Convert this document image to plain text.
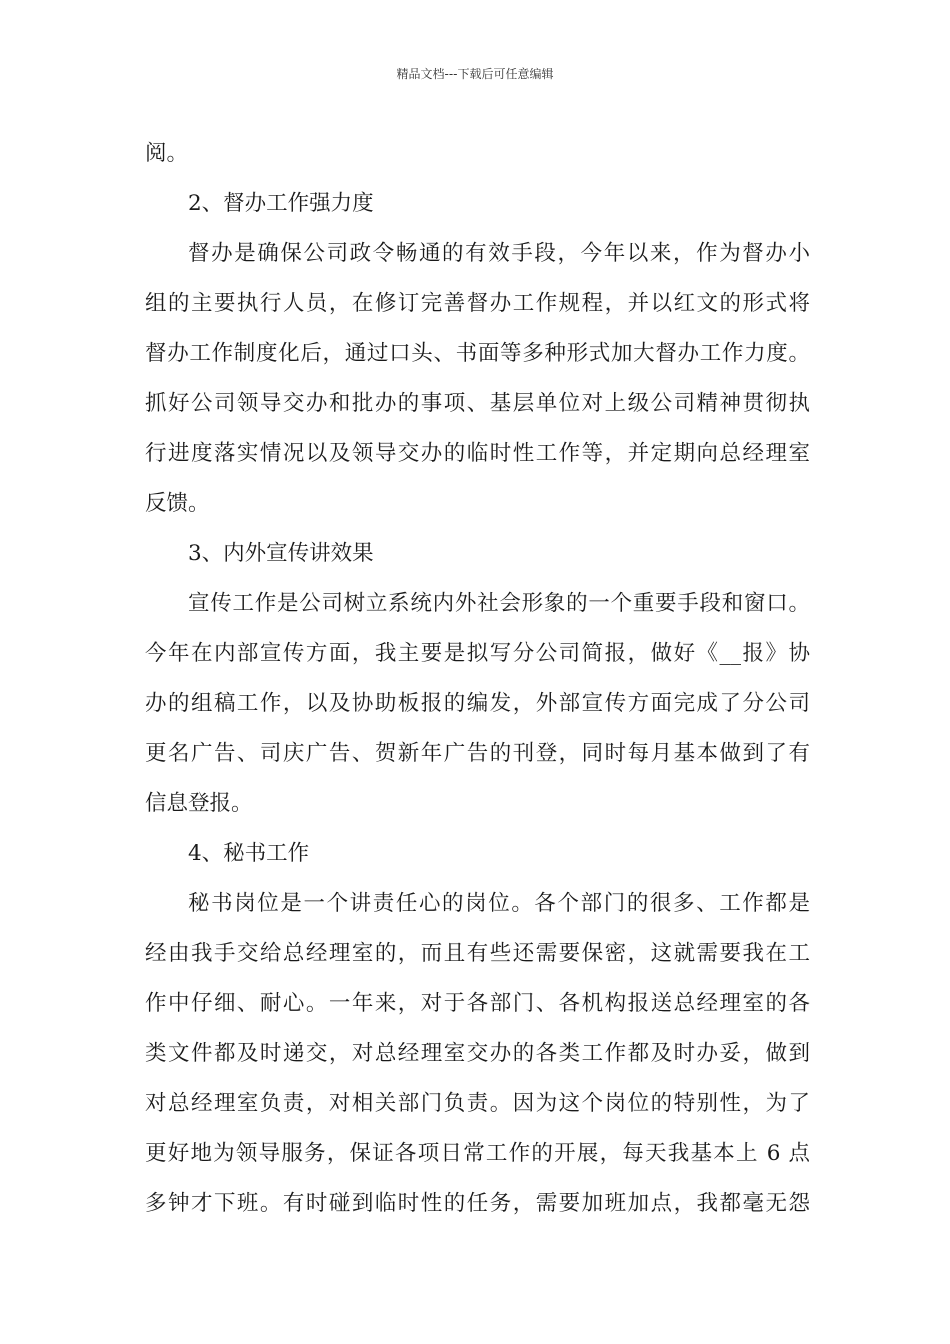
精品文档---下载后可任意编辑
阅。
2、督办工作强力度
督办是确保公司政令畅通的有效手段，今年以来，作为督办小
组的主要执行人员，在修订完善督办工作规程，并以红文的形式将
督办工作制度化后，通过口头、书面等多种形式加大督办工作力度。
抓好公司领导交办和批办的事项、基层单位对上级公司精神贯彻执
行进度落实情况以及领导交办的临时性工作等，并定期向总经理室
反馈。
3、内外宣传讲效果
宣传工作是公司树立系统内外社会形象的一个重要手段和窗口。
今年在内部宣传方面，我主要是拟写分公司简报，做好《__报》协
办的组稿工作，以及协助板报的编发，外部宣传方面完成了分公司
更名广告、司庆广告、贺新年广告的刊登，同时每月基本做到了有
信息登报。
4、秘书工作
秘书岗位是一个讲责任心的岗位。各个部门的很多、工作都是
经由我手交给总经理室的，而且有些还需要保密，这就需要我在工
作中仔细、耐心。一年来，对于各部门、各机构报送总经理室的各
类文件都及时递交，对总经理室交办的各类工作都及时办妥，做到
对总经理室负责，对相关部门负责。因为这个岗位的特别性，为了
更好地为领导服务，保证各项日常工作的开展，每天我基本上 6 点
多钟才下班。有时碰到临时性的任务，需要加班加点，我都毫无怨
